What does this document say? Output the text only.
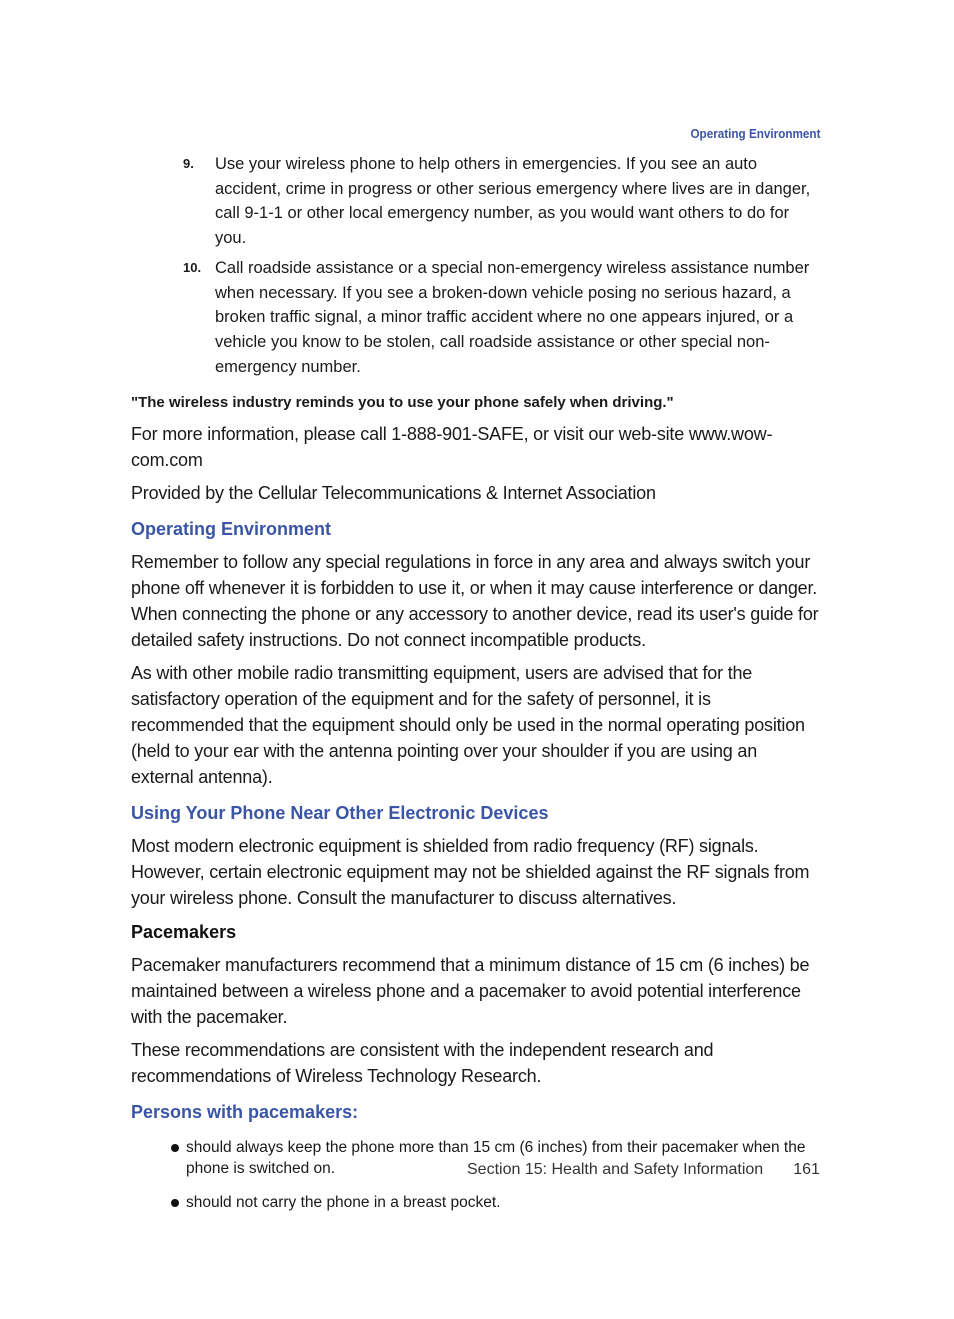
Operating Environment
9. Use your wireless phone to help others in emergencies. If you see an auto accident, crime in progress or other serious emergency where lives are in danger, call 9-1-1 or other local emergency number, as you would want others to do for you.
10. Call roadside assistance or a special non-emergency wireless assistance number when necessary. If you see a broken-down vehicle posing no serious hazard, a broken traffic signal, a minor traffic accident where no one appears injured, or a vehicle you know to be stolen, call roadside assistance or other special non-emergency number.

"The wireless industry reminds you to use your phone safely when driving."

For more information, please call 1-888-901-SAFE, or visit our web-site www.wow-com.com

Provided by the Cellular Telecommunications & Internet Association

Operating Environment

Remember to follow any special regulations in force in any area and always switch your phone off whenever it is forbidden to use it, or when it may cause interference or danger. When connecting the phone or any accessory to another device, read its user's guide for detailed safety instructions. Do not connect incompatible products.

As with other mobile radio transmitting equipment, users are advised that for the satisfactory operation of the equipment and for the safety of personnel, it is recommended that the equipment should only be used in the normal operating position (held to your ear with the antenna pointing over your shoulder if you are using an external antenna).

Using Your Phone Near Other Electronic Devices

Most modern electronic equipment is shielded from radio frequency (RF) signals. However, certain electronic equipment may not be shielded against the RF signals from your wireless phone. Consult the manufacturer to discuss alternatives.

Pacemakers

Pacemaker manufacturers recommend that a minimum distance of 15 cm (6 inches) be maintained between a wireless phone and a pacemaker to avoid potential interference with the pacemaker.

These recommendations are consistent with the independent research and recommendations of Wireless Technology Research.

Persons with pacemakers:
should always keep the phone more than 15 cm (6 inches) from their pacemaker when the phone is switched on.
should not carry the phone in a breast pocket.
Section 15: Health and Safety Information 161
